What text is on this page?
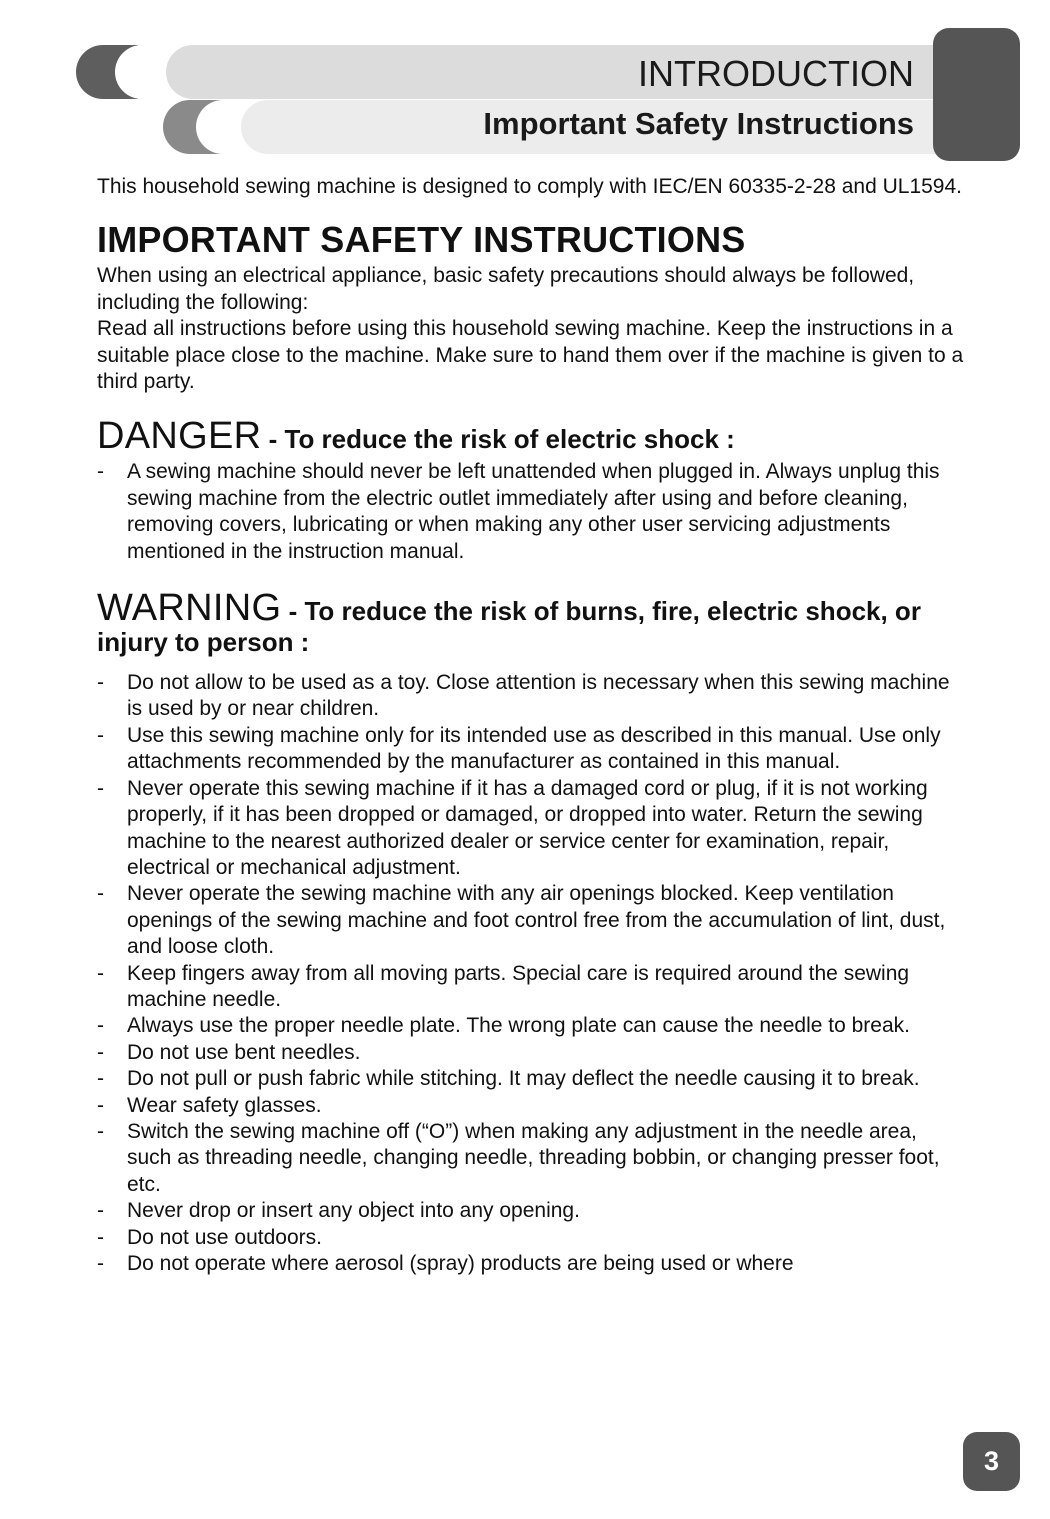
INTRODUCTION
Important Safety Instructions

This household sewing machine is designed to comply with IEC/EN 60335-2-28 and UL1594.

IMPORTANT SAFETY INSTRUCTIONS

When using an electrical appliance, basic safety precautions should always be followed, including the following:

Read all instructions before using this household sewing machine. Keep the instructions in a suitable place close to the machine. Make sure to hand them over if the machine is given to a third party.

DANGER - To reduce the risk of electric shock :
- A sewing machine should never be left unattended when plugged in. Always unplug this sewing machine from the electric outlet immediately after using and before cleaning, removing covers, lubricating or when making any other user servicing adjustments mentioned in the instruction manual.
WARNING - To reduce the risk of burns, fire, electric shock, or injury to person :
- Do not allow to be used as a toy. Close attention is necessary when this sewing machine is used by or near children.
- Use this sewing machine only for its intended use as described in this manual. Use only attachments recommended by the manufacturer as contained in this manual.
- Never operate this sewing machine if it has a damaged cord or plug, if it is not working properly, if it has been dropped or damaged, or dropped into water. Return the sewing machine to the nearest authorized dealer or service center for examination, repair, electrical or mechanical adjustment.
- Never operate the sewing machine with any air openings blocked. Keep ventilation openings of the sewing machine and foot control free from the accumulation of lint, dust, and loose cloth.
- Keep fingers away from all moving parts. Special care is required around the sewing machine needle.
- Always use the proper needle plate. The wrong plate can cause the needle to break.
- Do not use bent needles.
- Do not pull or push fabric while stitching. It may deflect the needle causing it to break.
- Wear safety glasses.
- Switch the sewing machine off (“O”) when making any adjustment in the needle area, such as threading needle, changing needle, threading bobbin, or changing presser foot, etc.
- Never drop or insert any object into any opening.
- Do not use outdoors.
- Do not operate where aerosol (spray) products are being used or where
3
